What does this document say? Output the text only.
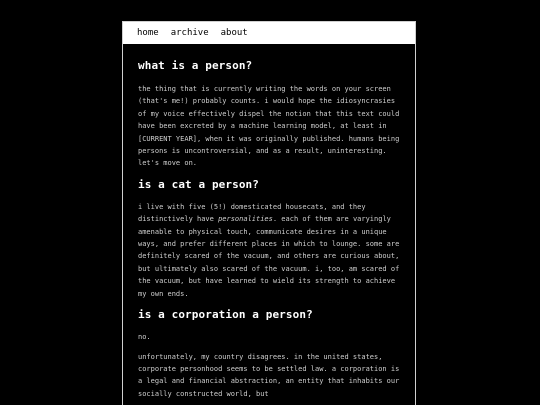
home archive about
what is a person?

the thing that is currently writing the words on your screen (that's me!) probably counts. i would hope the idiosyncrasies of my voice effectively dispel the notion that this text could have been excreted by a machine learning model, at least in [CURRENT YEAR], when it was originally published. humans being persons is uncontroversial, and as a result, uninteresting. let's move on.

is a cat a person?

i live with five (5!) domesticated housecats, and they distinctively have personalities. each of them are varyingly amenable to physical touch, communicate desires in a unique ways, and prefer different places in which to lounge. some are definitely scared of the vacuum, and others are curious about, but ultimately also scared of the vacuum. i, too, am scared of the vacuum, but have learned to wield its strength to achieve my own ends.

is a corporation a person?

no.

unfortunately, my country disagrees. in the united states, corporate personhood seems to be settled law. a corporation is a legal and financial abstraction, an entity that inhabits our socially constructed world, but
